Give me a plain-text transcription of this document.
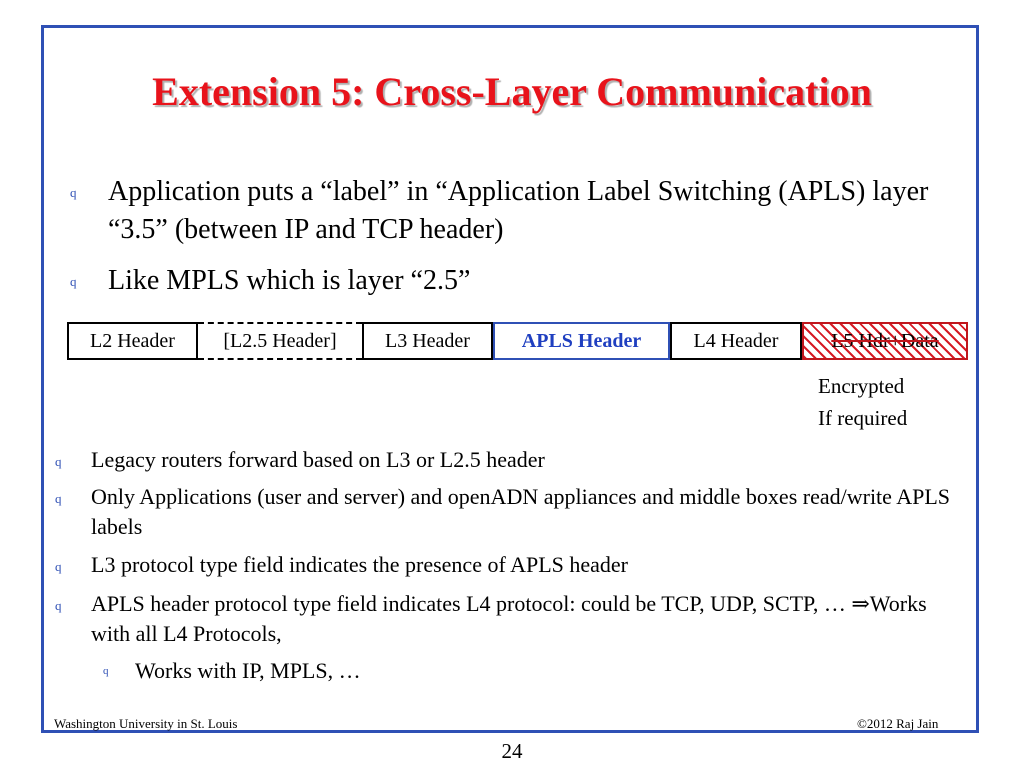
Extension 5: Cross-Layer Communication
q	Application puts a “label” in “Application Label Switching (APLS) layer “3.5” (between IP and TCP header)
q	Like MPLS which is layer “2.5”
L2 Header	[L2.5 Header]	L3 Header	APLS Header	L4 Header	L5 Hdr+Data
Encrypted
If required
q	Legacy routers forward based on L3 or L2.5 header
q	Only Applications (user and server) and openADN appliances and middle boxes read/write APLS labels
q	L3 protocol type field indicates the presence of APLS header
q	APLS header protocol type field indicates L4 protocol: could be TCP, UDP, SCTP, … ⇒Works with all L4 Protocols,
q	Works with IP, MPLS, …
Washington University in St. Louis	©2012 Raj Jain
24
